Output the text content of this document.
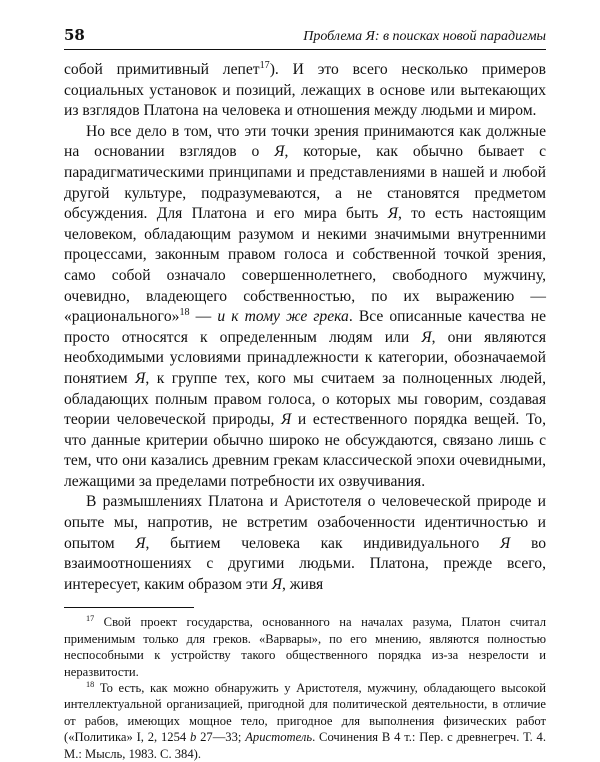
58	Проблема Я: в поисках новой парадигмы

собой примитивный лепет$^{17}$). И это всего несколько примеров социальных установок и позиций, лежащих в основе или вытекающих из взглядов Платона на человека и отношения между людьми и миром.

Но все дело в том, что эти точки зрения принимаются как должные на основании взглядов о Я, которые, как обычно бывает с парадигматическими принципами и представлениями в нашей и любой другой культуре, подразумеваются, а не становятся предметом обсуждения. Для Платона и его мира быть Я, то есть настоящим человеком, обладающим разумом и некими значимыми внутренними процессами, законным правом голоса и собственной точкой зрения, само собой означало совершеннолетнего, свободного мужчину, очевидно, владеющего собственностью, по их выражению — «рациональногo»$^{18}$ — и к тому же грека. Все описанные качества не просто относятся к определенным людям или Я, они являются необходимыми условиями принадлежности к категории, обозначаемой понятием Я, к группе тех, кого мы считаем за полноценных людей, обладающих полным правом голоса, о которых мы говорим, создавая теории человеческой природы, Я и естественного порядка вещей. То, что данные критерии обычно широко не обсуждаются, связано лишь с тем, что они казались древним грекам классической эпохи очевидными, лежащими за пределами потребности их озвучивания.

В размышлениях Платона и Аристотеля о человеческой природе и опыте мы, напротив, не встретим озабоченности идентичностью и опытом Я, бытием человека как индивидуального Я во взаимоотношениях с другими людьми. Платона, прежде всего, интересует, каким образом эти Я, живя

$^{17}$ Свой проект государства, основанного на началах разума, Платон считал применимым только для греков. «Варвары», по его мнению, являются полностью неспособными к устройству такого общественного порядка из-за незрелости и неразвитости.

$^{18}$ То есть, как можно обнаружить у Аристотеля, мужчину, обладающего высокой интеллектуальной организацией, пригодной для политической деятельности, в отличие от рабов, имеющих мощное тело, пригодное для выполнения физических работ («Политика» I, 2, 1254 b 27—33; Аристотель. Сочинения В 4 т.: Пер. с древнегреч. Т. 4. М.: Мысль, 1983. С. 384).
